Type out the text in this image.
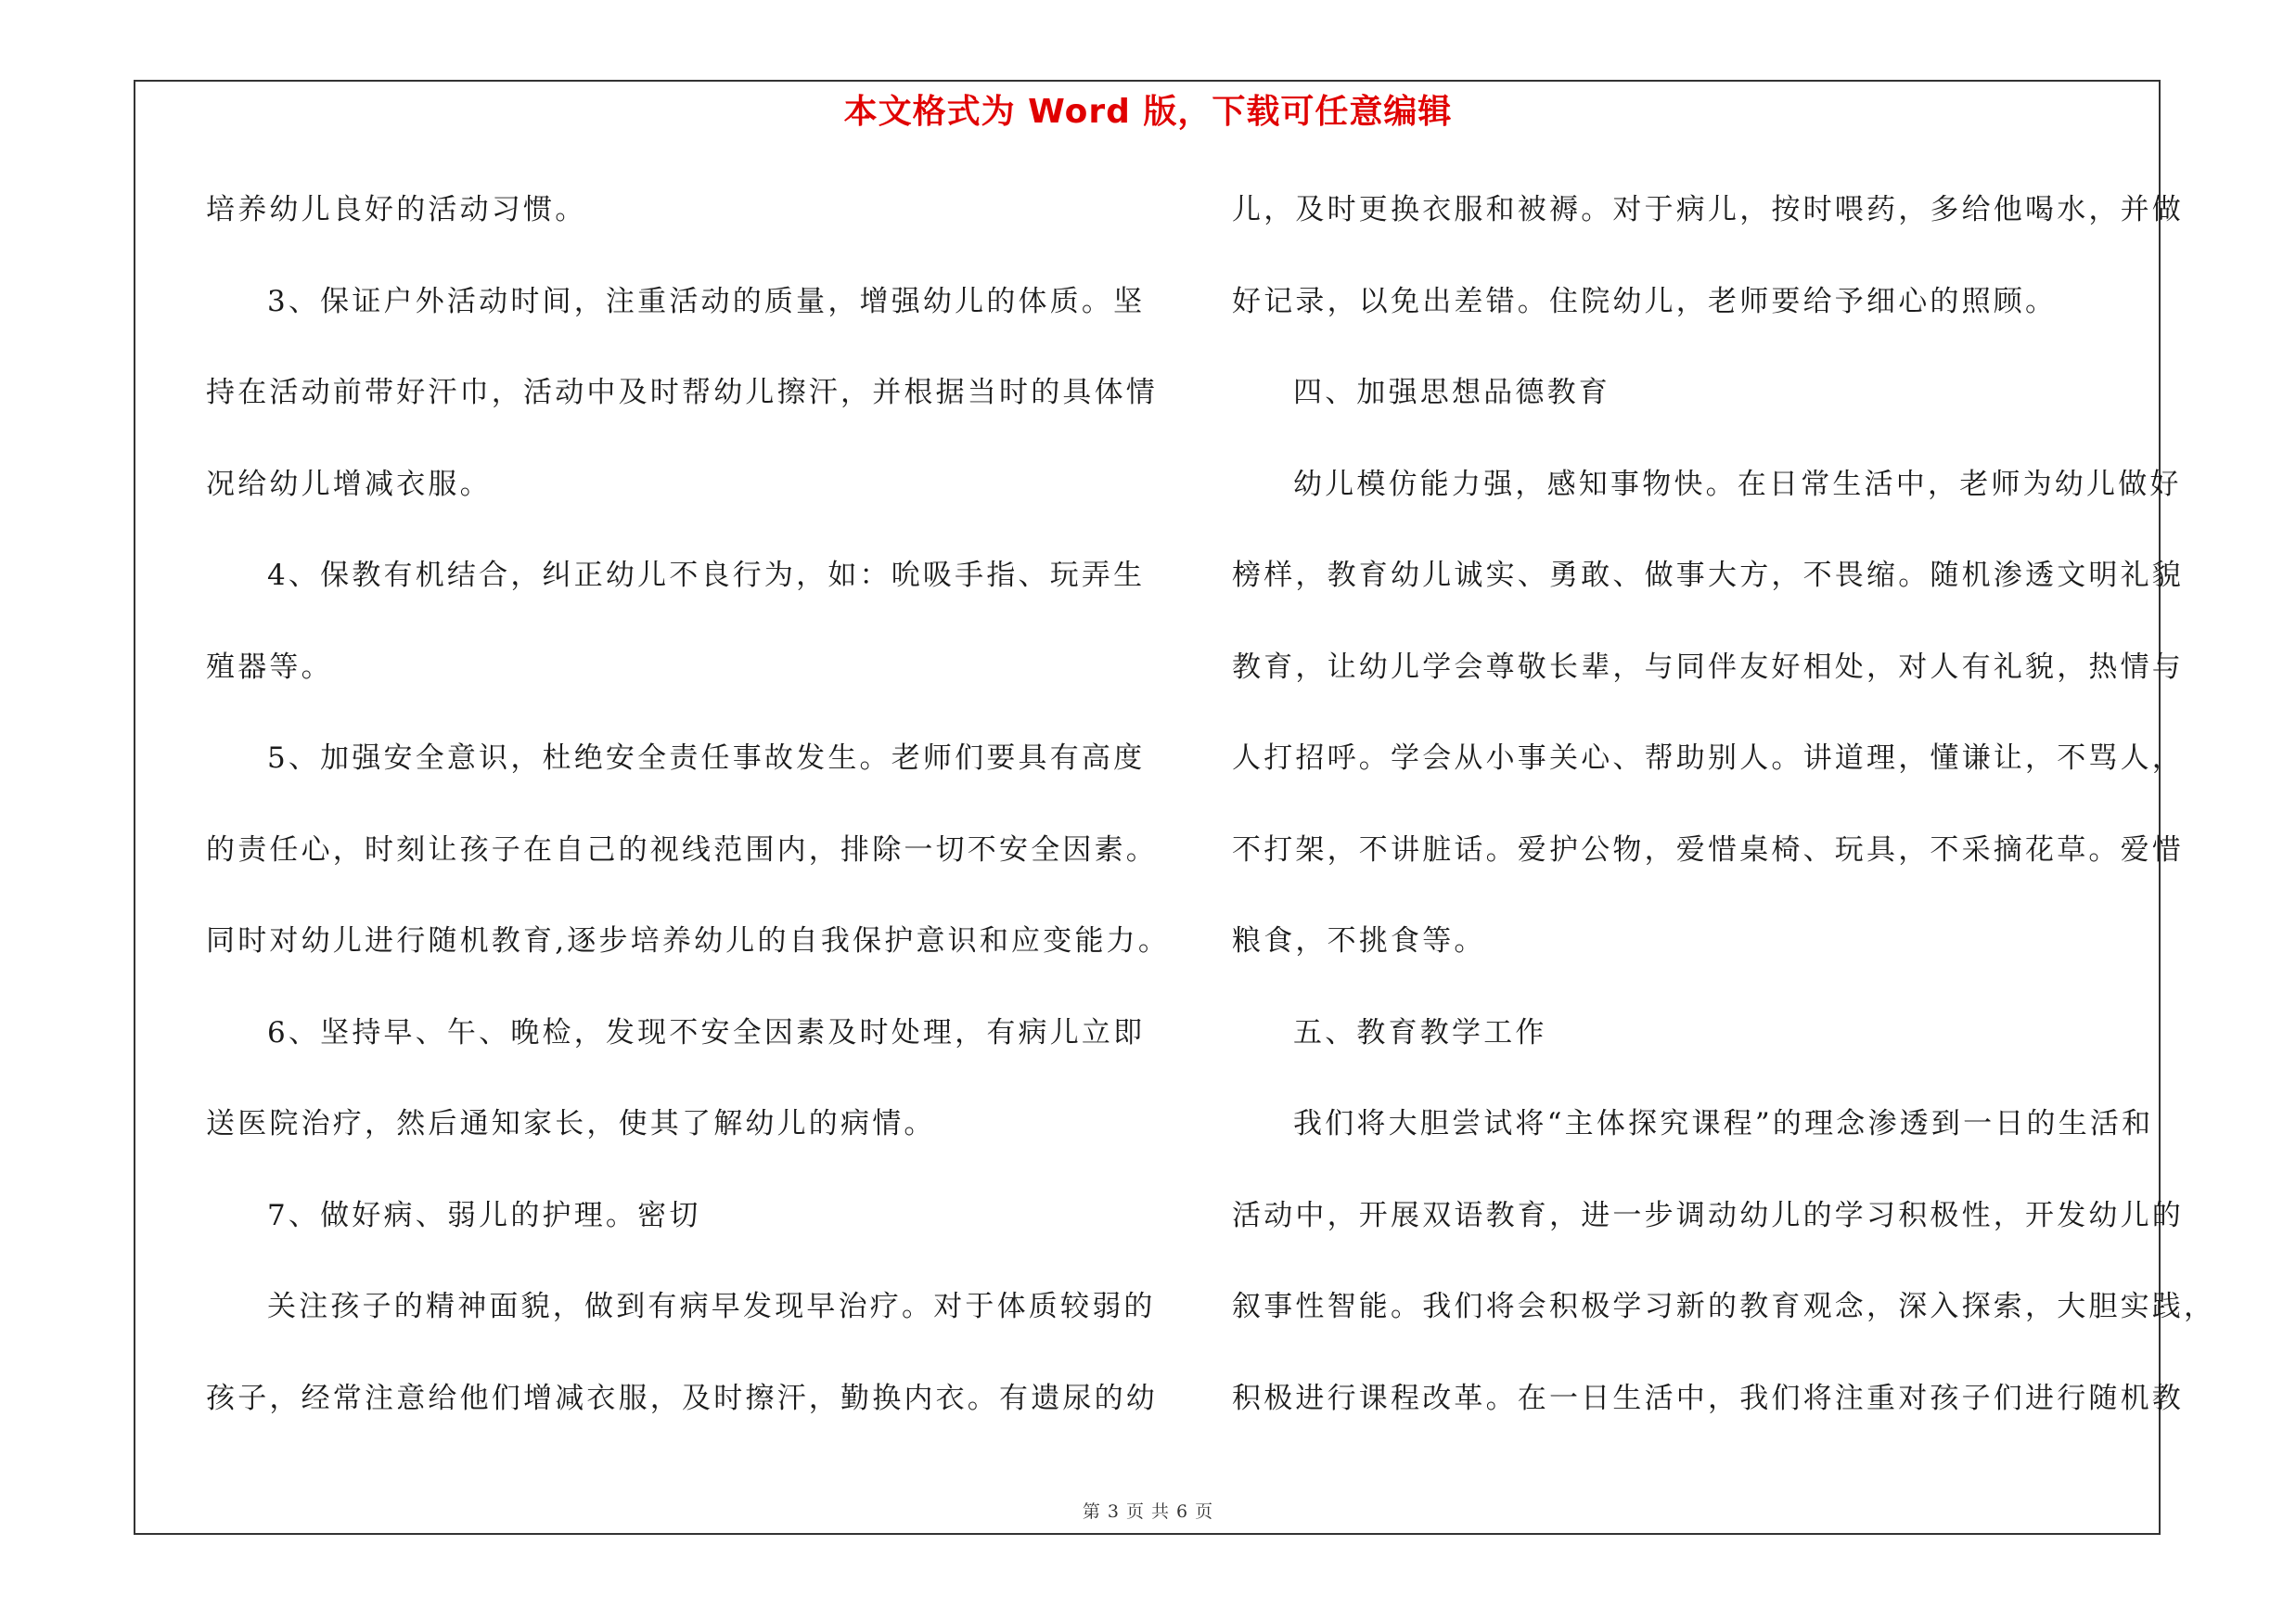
本文格式为 Word 版，下载可任意编辑
培养幼儿良好的活动习惯。
3、保证户外活动时间，注重活动的质量，增强幼儿的体质。坚
持在活动前带好汗巾，活动中及时帮幼儿擦汗，并根据当时的具体情
况给幼儿增减衣服。
4、保教有机结合，纠正幼儿不良行为，如：吮吸手指、玩弄生
殖器等。
5、加强安全意识，杜绝安全责任事故发生。老师们要具有高度
的责任心，时刻让孩子在自己的视线范围内，排除一切不安全因素。
同时对幼儿进行随机教育,逐步培养幼儿的自我保护意识和应变能力。
6、坚持早、午、晚检，发现不安全因素及时处理，有病儿立即
送医院治疗，然后通知家长，使其了解幼儿的病情。
7、做好病、弱儿的护理。密切
关注孩子的精神面貌，做到有病早发现早治疗。对于体质较弱的
孩子，经常注意给他们增减衣服，及时擦汗，勤换内衣。有遗尿的幼
儿，及时更换衣服和被褥。对于病儿，按时喂药，多给他喝水，并做
好记录，以免出差错。住院幼儿，老师要给予细心的照顾。
四、加强思想品德教育
幼儿模仿能力强，感知事物快。在日常生活中，老师为幼儿做好
榜样，教育幼儿诚实、勇敢、做事大方，不畏缩。随机渗透文明礼貌
教育，让幼儿学会尊敬长辈，与同伴友好相处，对人有礼貌，热情与
人打招呼。学会从小事关心、帮助别人。讲道理，懂谦让，不骂人，
不打架，不讲脏话。爱护公物，爱惜桌椅、玩具，不采摘花草。爱惜
粮食，不挑食等。
五、教育教学工作
我们将大胆尝试将“主体探究课程”的理念渗透到一日的生活和
活动中，开展双语教育，进一步调动幼儿的学习积极性，开发幼儿的
叙事性智能。我们将会积极学习新的教育观念，深入探索，大胆实践，
积极进行课程改革。在一日生活中，我们将注重对孩子们进行随机教
第 3 页 共 6 页
